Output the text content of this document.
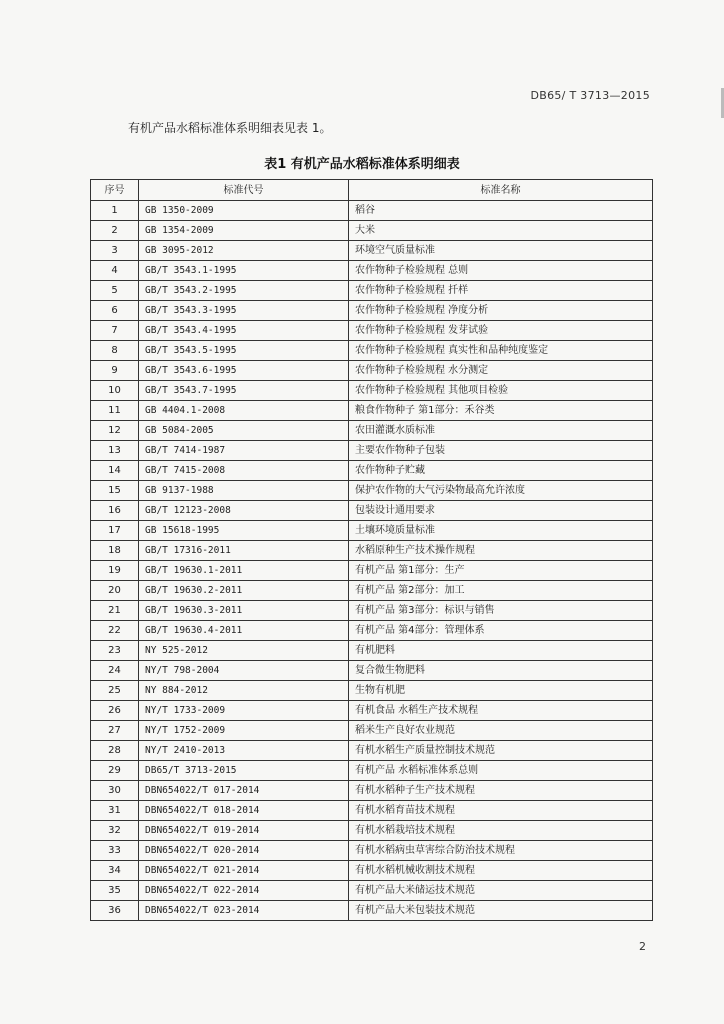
DB65/ T 3713—2015
有机产品水稻标准体系明细表见表 1。
表1 有机产品水稻标准体系明细表
序号	标准代号	标准名称
1	GB 1350-2009	稻谷
2	GB 1354-2009	大米
3	GB 3095-2012	环境空气质量标准
4	GB/T 3543.1-1995	农作物种子检验规程 总则
5	GB/T 3543.2-1995	农作物种子检验规程 扦样
6	GB/T 3543.3-1995	农作物种子检验规程 净度分析
7	GB/T 3543.4-1995	农作物种子检验规程 发芽试验
8	GB/T 3543.5-1995	农作物种子检验规程 真实性和品种纯度鉴定
9	GB/T 3543.6-1995	农作物种子检验规程 水分测定
10	GB/T 3543.7-1995	农作物种子检验规程 其他项目检验
11	GB 4404.1-2008	粮食作物种子 第1部分：禾谷类
12	GB 5084-2005	农田灌溉水质标准
13	GB/T 7414-1987	主要农作物种子包装
14	GB/T 7415-2008	农作物种子贮藏
15	GB 9137-1988	保护农作物的大气污染物最高允许浓度
16	GB/T 12123-2008	包装设计通用要求
17	GB 15618-1995	土壤环境质量标准
18	GB/T 17316-2011	水稻原种生产技术操作规程
19	GB/T 19630.1-2011	有机产品 第1部分：生产
20	GB/T 19630.2-2011	有机产品 第2部分：加工
21	GB/T 19630.3-2011	有机产品 第3部分：标识与销售
22	GB/T 19630.4-2011	有机产品 第4部分：管理体系
23	NY 525-2012	有机肥料
24	NY/T 798-2004	复合微生物肥料
25	NY 884-2012	生物有机肥
26	NY/T 1733-2009	有机食品 水稻生产技术规程
27	NY/T 1752-2009	稻米生产良好农业规范
28	NY/T 2410-2013	有机水稻生产质量控制技术规范
29	DB65/T 3713-2015	有机产品 水稻标准体系总则
30	DBN654022/T 017-2014	有机水稻种子生产技术规程
31	DBN654022/T 018-2014	有机水稻育苗技术规程
32	DBN654022/T 019-2014	有机水稻栽培技术规程
33	DBN654022/T 020-2014	有机水稻病虫草害综合防治技术规程
34	DBN654022/T 021-2014	有机水稻机械收割技术规程
35	DBN654022/T 022-2014	有机产品大米储运技术规范
36	DBN654022/T 023-2014	有机产品大米包装技术规范
2
